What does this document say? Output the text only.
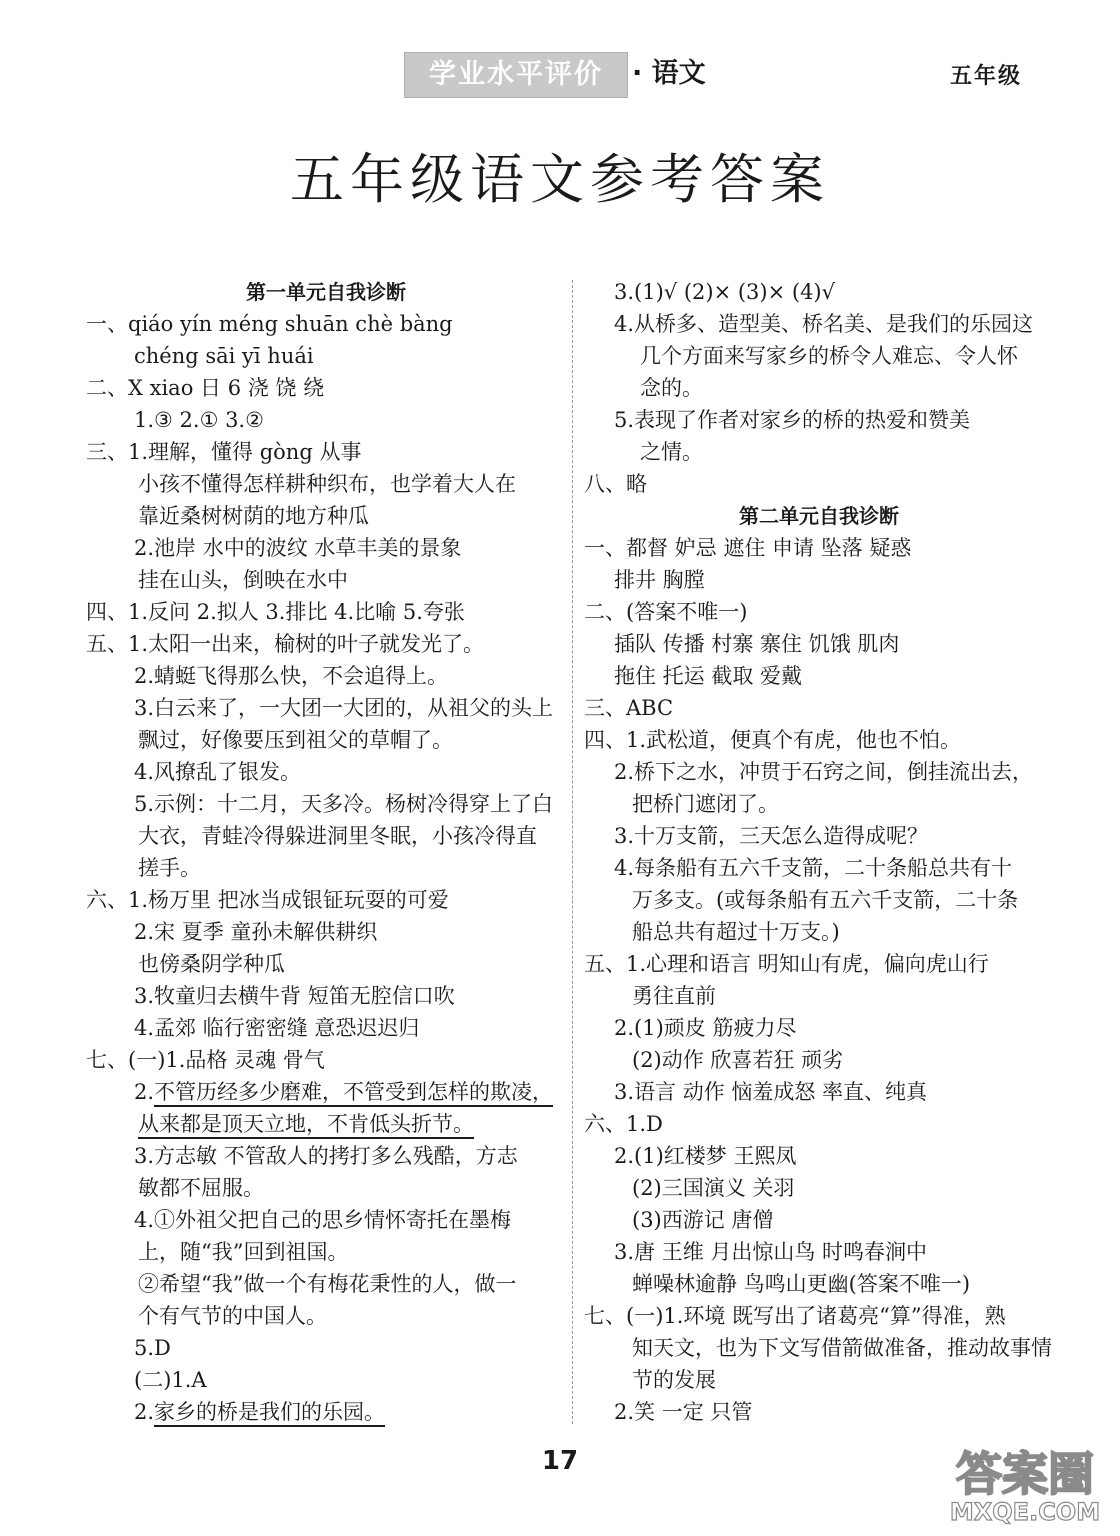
学业水平评价	· 语文	五年级
五年级语文参考答案
第一单元自我诊断
一、qiáo yín méng shuān chè bàng
chéng sāi yī huái
二、X xiao 日 6 浇 饶 绕
1.③ 2.① 3.②
三、1.理解，懂得 gòng 从事
小孩不懂得怎样耕种织布，也学着大人在
靠近桑树树荫的地方种瓜
2.池岸 水中的波纹 水草丰美的景象
挂在山头，倒映在水中
四、1.反问 2.拟人 3.排比 4.比喻 5.夸张
五、1.太阳一出来，榆树的叶子就发光了。
2.蜻蜓飞得那么快，不会追得上。
3.白云来了，一大团一大团的，从祖父的头上
飘过，好像要压到祖父的草帽了。
4.风撩乱了银发。
5.示例：十二月，天多冷。杨树冷得穿上了白
大衣，青蛙冷得躲进洞里冬眠，小孩冷得直
搓手。
六、1.杨万里 把冰当成银钲玩耍的可爱
2.宋 夏季 童孙未解供耕织
也傍桑阴学种瓜
3.牧童归去横牛背 短笛无腔信口吹
4.孟郊 临行密密缝 意恐迟迟归
七、(一)1.品格 灵魂 骨气
2.不管历经多少磨难，不管受到怎样的欺凌，
从来都是顶天立地，不肯低头折节。
3.方志敏 不管敌人的拷打多么残酷，方志
敏都不屈服。
4.①外祖父把自己的思乡情怀寄托在墨梅
上，随“我”回到祖国。
②希望“我”做一个有梅花秉性的人，做一
个有气节的中国人。
5.D
(二)1.A
2.家乡的桥是我们的乐园。
3.(1)√ (2)× (3)× (4)√
4.从桥多、造型美、桥名美、是我们的乐园这
几个方面来写家乡的桥令人难忘、令人怀
念的。
5.表现了作者对家乡的桥的热爱和赞美
之情。
八、略
第二单元自我诊断
一、都督 妒忌 遮住 申请 坠落 疑惑
排井 胸膛
二、(答案不唯一)
插队 传播 村寨 寨住 饥饿 肌肉
拖住 托运 截取 爱戴
三、ABC
四、1.武松道，便真个有虎，他也不怕。
2.桥下之水，冲贯于石窍之间，倒挂流出去，
把桥门遮闭了。
3.十万支箭，三天怎么造得成呢？
4.每条船有五六千支箭，二十条船总共有十
万多支。(或每条船有五六千支箭，二十条
船总共有超过十万支。)
五、1.心理和语言 明知山有虎，偏向虎山行
勇往直前
2.(1)顽皮 筋疲力尽
(2)动作 欣喜若狂 顽劣
3.语言 动作 恼羞成怒 率直、纯真
六、1.D
2.(1)红楼梦 王熙凤
(2)三国演义 关羽
(3)西游记 唐僧
3.唐 王维 月出惊山鸟 时鸣春涧中
蝉噪林逾静 鸟鸣山更幽(答案不唯一)
七、(一)1.环境 既写出了诸葛亮“算”得准，熟
知天文，也为下文写借箭做准备，推动故事情
节的发展
2.笑 一定 只管
17	答案圈
MXQE.COM
